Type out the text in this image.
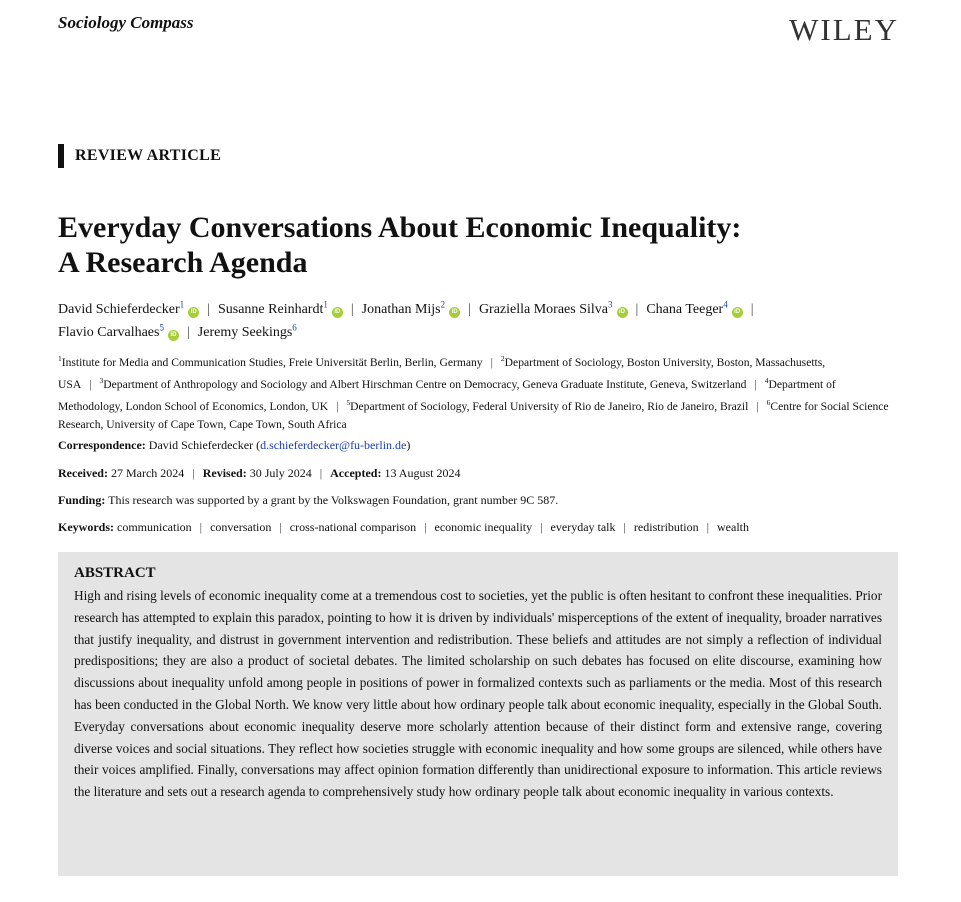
Sociology Compass	WILEY
REVIEW ARTICLE
Everyday Conversations About Economic Inequality:
A Research Agenda
David Schieferdecker$^1$iD | Susanne Reinhardt$^1$iD | Jonathan Mijs$^2$iD | Graziella Moraes Silva$^3$iD | Chana Teeger$^4$iD |
Flavio Carvalhaes$^5$iD | Jeremy Seekings$^6$
$^1$Institute for Media and Communication Studies, Freie Universität Berlin, Berlin, Germany | $^2$Department of Sociology, Boston University, Boston, Massachusetts, USA | $^3$Department of Anthropology and Sociology and Albert Hirschman Centre on Democracy, Geneva Graduate Institute, Geneva, Switzerland | $^4$Department of Methodology, London School of Economics, London, UK | $^5$Department of Sociology, Federal University of Rio de Janeiro, Rio de Janeiro, Brazil | $^6$Centre for Social Science Research, University of Cape Town, Cape Town, South Africa
Correspondence: David Schieferdecker (d.schieferdecker@fu-berlin.de)
Received: 27 March 2024 | Revised: 30 July 2024 | Accepted: 13 August 2024
Funding: This research was supported by a grant by the Volkswagen Foundation, grant number 9C 587.
Keywords: communication | conversation | cross-national comparison | economic inequality | everyday talk | redistribution | wealth
ABSTRACT

High and rising levels of economic inequality come at a tremendous cost to societies, yet the public is often hesitant to confront these inequalities. Prior research has attempted to explain this paradox, pointing to how it is driven by individuals' misperceptions of the extent of inequality, broader narratives that justify inequality, and distrust in government intervention and redistribution. These beliefs and attitudes are not simply a reflection of individual predispositions; they are also a product of societal debates. The limited scholarship on such debates has focused on elite discourse, examining how discussions about inequality unfold among people in positions of power in formalized contexts such as parliaments or the media. Most of this research has been conducted in the Global North. We know very little about how ordinary people talk about economic inequality, especially in the Global South. Everyday conversations about economic inequality deserve more scholarly attention because of their distinct form and extensive range, covering diverse voices and social situations. They reflect how societies struggle with economic inequality and how some groups are silenced, while others have their voices amplified. Finally, conversations may affect opinion formation differently than unidirectional exposure to information. This article reviews the literature and sets out a research agenda to comprehensively study how ordinary people talk about economic inequality in various contexts.
